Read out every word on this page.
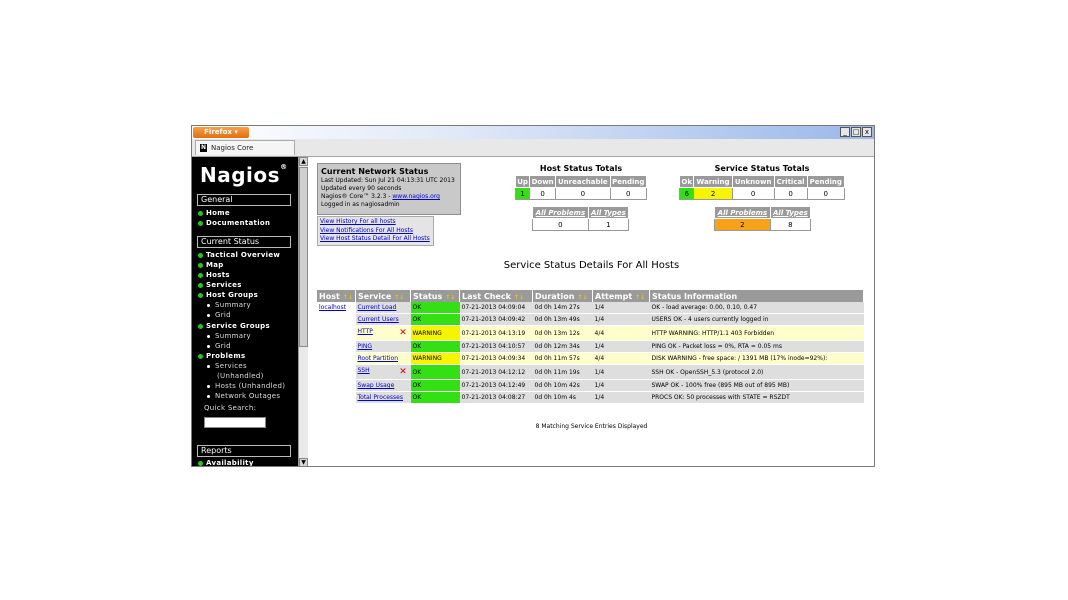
Firefox ▾	_ □ x
N Nagios Core
Nagios®
General
Home
Documentation
Current Status
Tactical Overview
Map
Hosts
Services
Host Groups
Summary
Grid
Service Groups
Summary
Grid
Problems
Services
(Unhandled)
Hosts (Unhandled)
Network Outages
Quick Search:
Reports
Availability
▲
▼
Current Network Status
Last Updated: Sun Jul 21 04:13:31 UTC 2013
Updated every 90 seconds
Nagios® Core™ 3.2.3 - www.nagios.org
Logged in as nagiosadmin
View History For all hosts
View Notifications For All Hosts
View Host Status Detail For All Hosts
Host Status Totals
Up	Down	Unreachable	Pending
1	0	0	0
All Problems	All Types
0	1
Service Status Totals
Ok	Warning	Unknown	Critical	Pending
6	2	0	0	0
All Problems	All Types
2	8
Service Status Details For All Hosts
Host ↑↓	Service ↑↓	Status ↑↓	Last Check ↑↓	Duration ↑↓	Attempt ↑↓	Status Information
localhost	Current Load	OK	07-21-2013 04:09:04	0d 0h 14m 27s	1/4	OK - load average: 0.00, 0.10, 0.47
	Current Users	OK	07-21-2013 04:09:42	0d 0h 13m 49s	1/4	USERS OK - 4 users currently logged in
	HTTP ✕	WARNING	07-21-2013 04:13:19	0d 0h 13m 12s	4/4	HTTP WARNING: HTTP/1.1 403 Forbidden
	PING	OK	07-21-2013 04:10:57	0d 0h 12m 34s	1/4	PING OK - Packet loss = 0%, RTA = 0.05 ms
	Root Partition	WARNING	07-21-2013 04:09:34	0d 0h 11m 57s	4/4	DISK WARNING - free space: / 1391 MB (17% inode=92%):
	SSH ✕	OK	07-21-2013 04:12:12	0d 0h 11m 19s	1/4	SSH OK - OpenSSH_5.3 (protocol 2.0)
	Swap Usage	OK	07-21-2013 04:12:49	0d 0h 10m 42s	1/4	SWAP OK - 100% free (895 MB out of 895 MB)
	Total Processes	OK	07-21-2013 04:08:27	0d 0h 10m 4s	1/4	PROCS OK: 50 processes with STATE = RSZDT
8 Matching Service Entries Displayed
